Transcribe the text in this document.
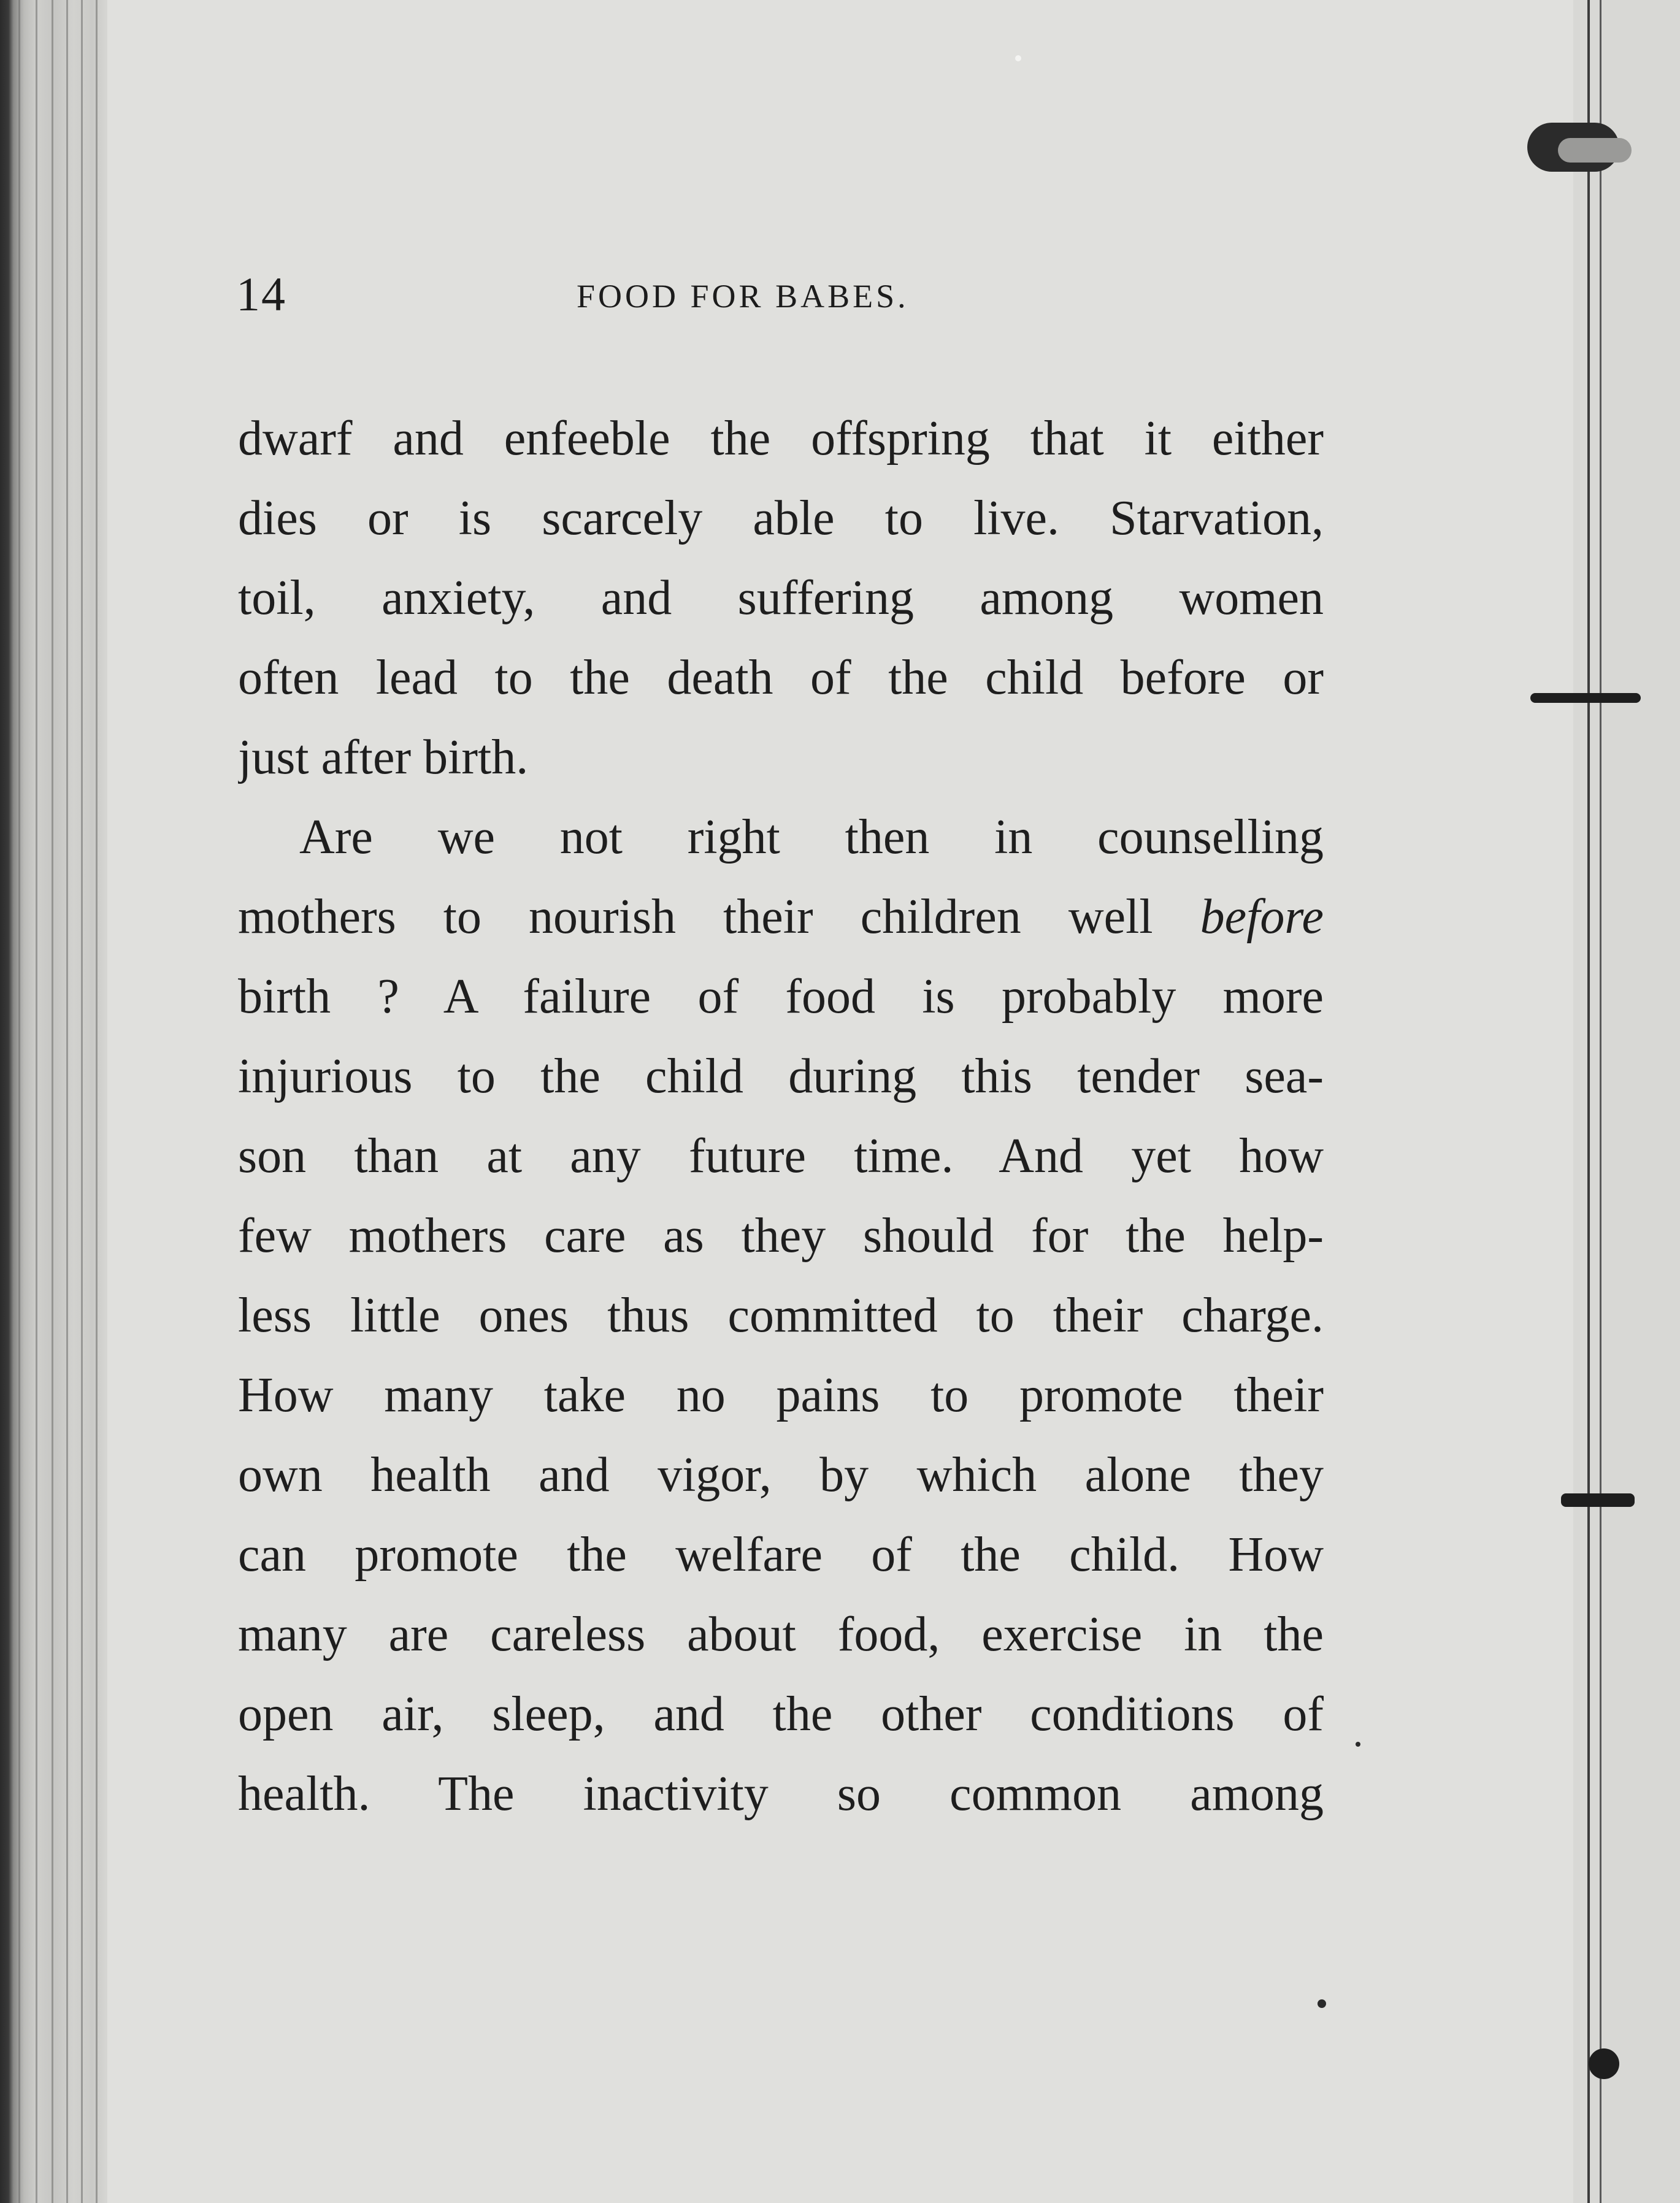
14	FOOD FOR BABES.
dwarf and enfeeble the offspring that it either
dies or is scarcely able to live. Starvation,
toil, anxiety, and suffering among women
often lead to the death of the child before or
just after birth.
Are we not right then in counselling
mothers to nourish their children well before
birth ? A failure of food is probably more
injurious to the child during this tender sea-
son than at any future time. And yet how
few mothers care as they should for the help-
less little ones thus committed to their charge.
How many take no pains to promote their
own health and vigor, by which alone they
can promote the welfare of the child. How
many are careless about food, exercise in the
open air, sleep, and the other conditions of
health. The inactivity so common among
